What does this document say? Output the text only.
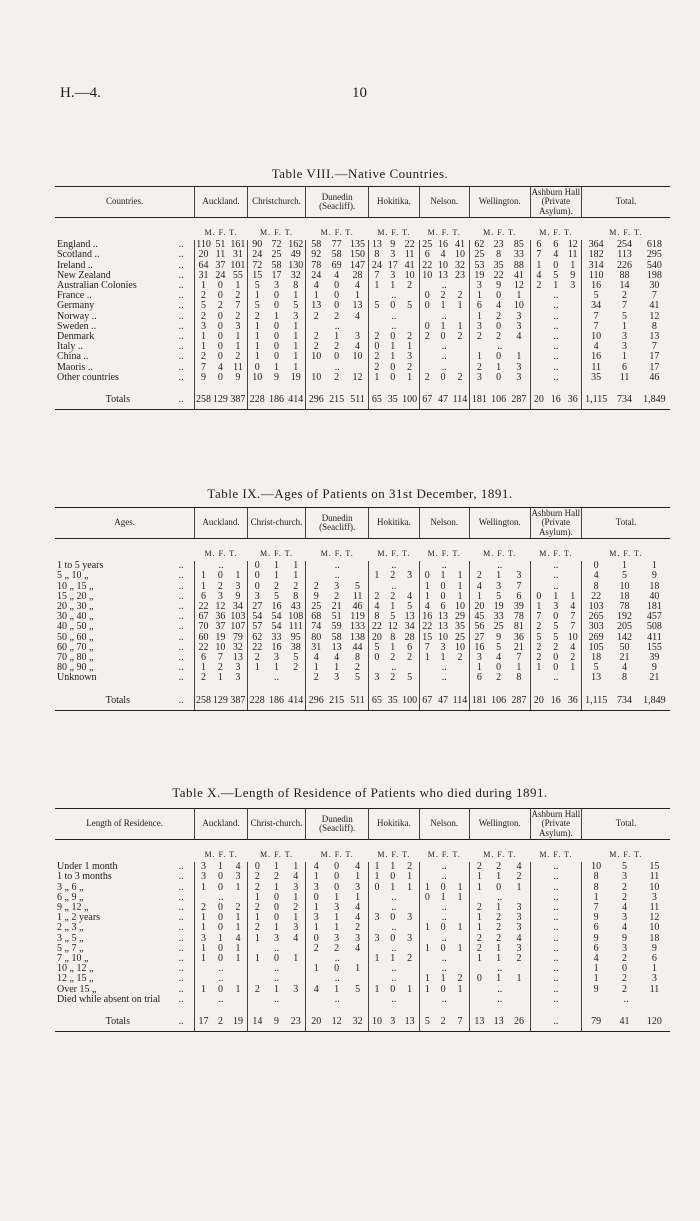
H.—4.	10
Table VIII.—Native Countries.
Countries.		Auckland.			Christchurch.			Dunedin (Seacliff).			Hokitika.			Nelson.			Wellington.			Ashburn Hall (Private Asylum).			Total.		
		M. F. T.			M. F. T.			M. F. T.			M. F. T.			M. F. T.			M. F. T.			M. F. T.			M. F. T.		
England ..	..	110	51	161	90	72	162	58	77	135	13	9	22	25	16	41	62	23	85	6	6	12	364	254	618
Scotland ..	..	20	11	31	24	25	49	92	58	150	8	3	11	6	4	10	25	8	33	7	4	11	182	113	295
Ireland ..	..	64	37	101	72	58	130	78	69	147	24	17	41	22	10	32	53	35	88	1	0	1	314	226	540
New Zealand	..	31	24	55	15	17	32	24	4	28	7	3	10	10	13	23	19	22	41	4	5	9	110	88	198
Australian Colonies	..	1	0	1	5	3	8	4	0	4	1	1	2	..			3	9	12	2	1	3	16	14	30
France ..	..	2	0	2	1	0	1	1	0	1	..			0	2	2	1	0	1	..			5	2	7
Germany	..	5	2	7	5	0	5	13	0	13	5	0	5	0	1	1	6	4	10	..			34	7	41
Norway ..	..	2	0	2	2	1	3	2	2	4	..			..			1	2	3	..			7	5	12
Sweden ..	..	3	0	3	1	0	1	..			..			0	1	1	3	0	3	..			7	1	8
Denmark	..	1	0	1	1	0	1	2	1	3	2	0	2	2	0	2	2	2	4	..			10	3	13
Italy ..	..	1	0	1	1	0	1	2	2	4	0	1	1	..			..			..			4	3	7
China ..	..	2	0	2	1	0	1	10	0	10	2	1	3	..			1	0	1	..			16	1	17
Maoris ..	..	7	4	11	0	1	1	..			2	0	2	..			2	1	3	..			11	6	17
Other countries	..	9	0	9	10	9	19	10	2	12	1	0	1	2	0	2	3	0	3	..			35	11	46
Totals	..	258	129	387	228	186	414	296	215	511	65	35	100	67	47	114	181	106	287	20	16	36	1,115	734	1,849
Table IX.—Ages of Patients on 31st December, 1891.
Ages.		Auckland.			Christ-church.			Dunedin (Seacliff).			Hokitika.			Nelson.			Wellington.			Ashburn Hall (Private Asylum).			Total.		
		M. F. T.			M. F. T.			M. F. T.			M. F. T.			M. F. T.			M. F. T.			M. F. T.			M. F. T.		
1 to 5 years	..	..			0	1	1	..			..			..			..			..			0	1	1
5 „ 10 „	..	1	0	1	0	1	1	..			1	2	3	0	1	1	2	1	3	..			4	5	9
10 „ 15 „	..	1	2	3	0	2	2	2	3	5	..			1	0	1	4	3	7	..			8	10	18
15 „ 20 „	..	6	3	9	3	5	8	9	2	11	2	2	4	1	0	1	1	5	6	0	1	1	22	18	40
20 „ 30 „	..	22	12	34	27	16	43	25	21	46	4	1	5	4	6	10	20	19	39	1	3	4	103	78	181
30 „ 40 „	..	67	36	103	54	54	108	68	51	119	8	5	13	16	13	29	45	33	78	7	0	7	265	192	457
40 „ 50 „	..	70	37	107	57	54	111	74	59	133	22	12	34	22	13	35	56	25	81	2	5	7	303	205	508
50 „ 60 „	..	60	19	79	62	33	95	80	58	138	20	8	28	15	10	25	27	9	36	5	5	10	269	142	411
60 „ 70 „	..	22	10	32	22	16	38	31	13	44	5	1	6	7	3	10	16	5	21	2	2	4	105	50	155
70 „ 80 „	..	6	7	13	2	3	5	4	4	8	0	2	2	1	1	2	3	4	7	2	0	2	18	21	39
80 „ 90 „	..	1	2	3	1	1	2	1	1	2	..			..			1	0	1	1	0	1	5	4	9
Unknown	..	2	1	3	..			2	3	5	3	2	5	..			6	2	8	..			13	8	21
Totals	..	258	129	387	228	186	414	296	215	511	65	35	100	67	47	114	181	106	287	20	16	36	1,115	734	1,849
Table X.—Length of Residence of Patients who died during 1891.
Length of Residence.		Auckland.			Christ-church.			Dunedin (Seacliff).			Hokitika.			Nelson.			Wellington.			Ashburn Hall (Private Asylum).	Total.		
		M. F. T.			M. F. T.			M. F. T.			M. F. T.			M. F. T.			M. F. T.			M. F. T.	M. F. T.		
Under 1 month	..	3	1	4	0	1	1	4	0	4	1	1	2	..			2	2	4	..	10	5	15
1 to 3 months	..	3	0	3	2	2	4	1	0	1	1	0	1	..			1	1	2	..	8	3	11
3 „ 6 „	..	1	0	1	2	1	3	3	0	3	0	1	1	1	0	1	1	0	1	..	8	2	10
6 „ 9 „	..	..			1	0	1	0	1	1	..			0	1	1	..			..	1	2	3
9 „ 12 „	..	2	0	2	2	0	2	1	3	4	..			..			2	1	3	..	7	4	11
1 „ 2 years	..	1	0	1	1	0	1	3	1	4	3	0	3	..			1	2	3	..	9	3	12
2 „ 3 „	..	1	0	1	2	1	3	1	1	2	..			1	0	1	1	2	3	..	6	4	10
3 „ 5 „	..	3	1	4	1	3	4	0	3	3	3	0	3	..			2	2	4	..	9	9	18
5 „ 7 „	..	1	0	1	..			2	2	4	..			1	0	1	2	1	3	..	6	3	9
7 „ 10 „	..	1	0	1	1	0	1	..			1	1	2	..			1	1	2	..	4	2	6
10 „ 12 „	..	..			..			1	0	1	..			..			..			..	1	0	1
12 „ 15 „	..	..			..			..			..			1	1	2	0	1	1	..	1	2	3
Over 15 „	..	1	0	1	2	1	3	4	1	5	1	0	1	1	0	1	..			..	9	2	11
Died while absent on trial	..	..			..			..			..			..			..			..	..		
Totals	..	17	2	19	14	9	23	20	12	32	10	3	13	5	2	7	13	13	26	..	79	41	120
